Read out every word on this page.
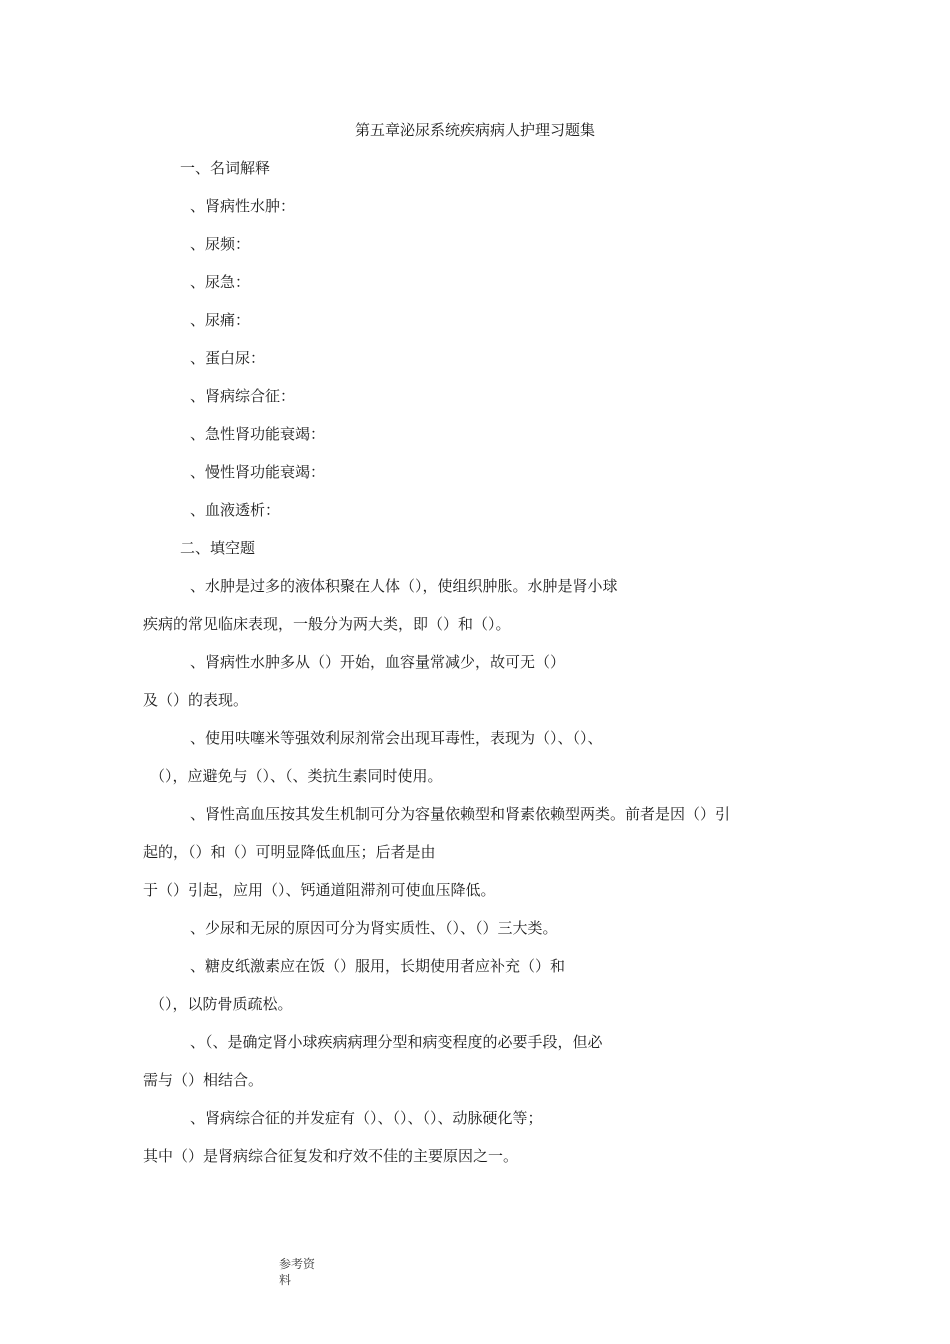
第五章泌尿系统疾病病人护理习题集
一、名词解释
、肾病性水肿：
、尿频：
、尿急：
、尿痛：
、蛋白尿：
、肾病综合征：
、急性肾功能衰竭：
、慢性肾功能衰竭：
、血液透析：
二、填空题
、水肿是过多的液体积聚在人体（），使组织肿胀。水肿是肾小球
疾病的常见临床表现，一般分为两大类，即（）和（）。
、肾病性水肿多从（）开始，血容量常减少，故可无（）
及（）的表现。
、使用呋噻米等强效利尿剂常会出现耳毒性，表现为（）、（）、
（），应避免与（）、（、类抗生素同时使用。
、肾性高血压按其发生机制可分为容量依赖型和肾素依赖型两类。前者是因（）引
起的，（）和（）可明显降低血压；后者是由
于（）引起，应用（）、钙通道阻滞剂可使血压降低。
、少尿和无尿的原因可分为肾实质性、（）、（）三大类。
、糖皮纸激素应在饭（）服用，长期使用者应补充（）和
（），以防骨质疏松。
、（、是确定肾小球疾病病理分型和病变程度的必要手段，但必
需与（）相结合。
、肾病综合征的并发症有（）、（）、（）、动脉硬化等；
其中（）是肾病综合征复发和疗效不佳的主要原因之一。
参考资
料
